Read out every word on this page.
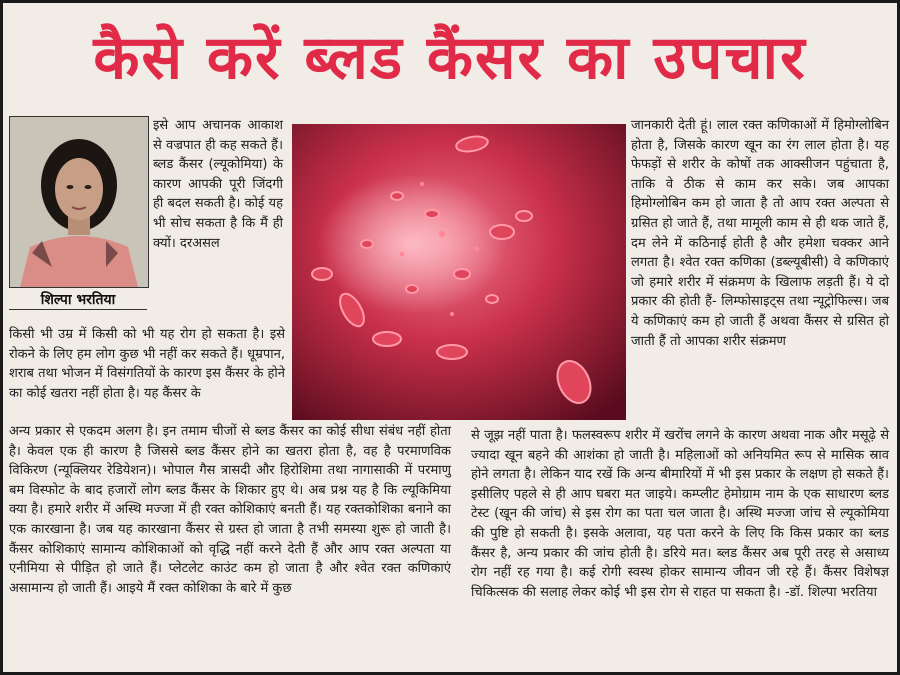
कैसे करें ब्लड कैंसर का उपचार
शिल्पा भरतिया

इसे आप अचानक आकाश से वज्रपात ही कह सकते हैं। ब्लड कैंसर (ल्यूकोमिया) के कारण आपकी पूरी जिंदगी ही बदल सकती है। कोई यह भी सोच सकता है कि मैं ही क्यों। दरअसल

किसी भी उम्र में किसी को भी यह रोग हो सकता है। इसे रोकने के लिए हम लोग कुछ भी नहीं कर सकते हैं। धूम्रपान, शराब तथा भोजन में विसंगतियों के कारण इस कैंसर के होने का कोई खतरा नहीं होता है। यह कैंसर के

अन्य प्रकार से एकदम अलग है। इन तमाम चीजों से ब्लड कैंसर का कोई सीधा संबंध नहीं होता है। केवल एक ही कारण है जिससे ब्लड कैंसर होने का खतरा होता है, वह है परमाणविक विकिरण (न्यूक्लियर रेडियेशन)। भोपाल गैस त्रासदी और हिरोशिमा तथा नागासाकी में परमाणु बम विस्फोट के बाद हजारों लोग ब्लड कैंसर के शिकार हुए थे। अब प्रश्न यह है कि ल्यूकिमिया क्या है। हमारे शरीर में अस्थि मज्जा में ही रक्त कोशिकाएं बनती हैं। यह रक्तकोशिका बनाने का एक कारखाना है। जब यह कारखाना कैंसर से ग्रस्त हो जाता है तभी समस्या शुरू हो जाती है। कैंसर कोशिकाएं सामान्य कोशिकाओं को वृद्धि नहीं करने देती हैं और आप रक्त अल्पता या एनीमिया से पीड़ित हो जाते हैं। प्लेटलेट काउंट कम हो जाता है और श्वेत रक्त कणिकाएं असामान्य हो जाती हैं। आइये मैं रक्त कोशिका के बारे में कुछ

जानकारी देती हूं। लाल रक्त कणिकाओं में हिमोग्लोबिन होता है, जिसके कारण खून का रंग लाल होता है। यह फेफड़ों से शरीर के कोषों तक आक्सीजन पहुंचाता है, ताकि वे ठीक से काम कर सके। जब आपका हिमोग्लोबिन कम हो जाता है तो आप रक्त अल्पता से ग्रसित हो जाते हैं, तथा मामूली काम से ही थक जाते हैं, दम लेने में कठिनाई होती है और हमेशा चक्कर आने लगता है। श्वेत रक्त कणिका (डब्ल्यूबीसी) वे कणिकाएं जो हमारे शरीर में संक्रमण के खिलाफ लड़ती हैं। ये दो प्रकार की होती हैं- लिम्फोसाइट्स तथा न्यूट्रोफिल्स। जब ये कणिकाएं कम हो जाती हैं अथवा कैंसर से ग्रसित हो जाती हैं तो आपका शरीर संक्रमण

से जूझ नहीं पाता है। फलस्वरूप शरीर में खरोंच लगने के कारण अथवा नाक और मसूढ़े से ज्यादा खून बहने की आशंका हो जाती है। महिलाओं को अनियमित रूप से मासिक स्राव होने लगता है। लेकिन याद रखें कि अन्य बीमारियों में भी इस प्रकार के लक्षण हो सकते हैं। इसीलिए पहले से ही आप घबरा मत जाइये। कम्प्लीट हेमोग्राम नाम के एक साधारण ब्लड टेस्ट (खून की जांच) से इस रोग का पता चल जाता है। अस्थि मज्जा जांच से ल्यूकोमिया की पुष्टि हो सकती है। इसके अलावा, यह पता करने के लिए कि किस प्रकार का ब्लड कैंसर है, अन्य प्रकार की जांच होती है। डरिये मत। ब्लड कैंसर अब पूरी तरह से असाध्य रोग नहीं रह गया है। कई रोगी स्वस्थ होकर सामान्य जीवन जी रहे हैं। कैंसर विशेषज्ञ चिकित्सक की सलाह लेकर कोई भी इस रोग से राहत पा सकता है। -डॉ. शिल्पा भरतिया
